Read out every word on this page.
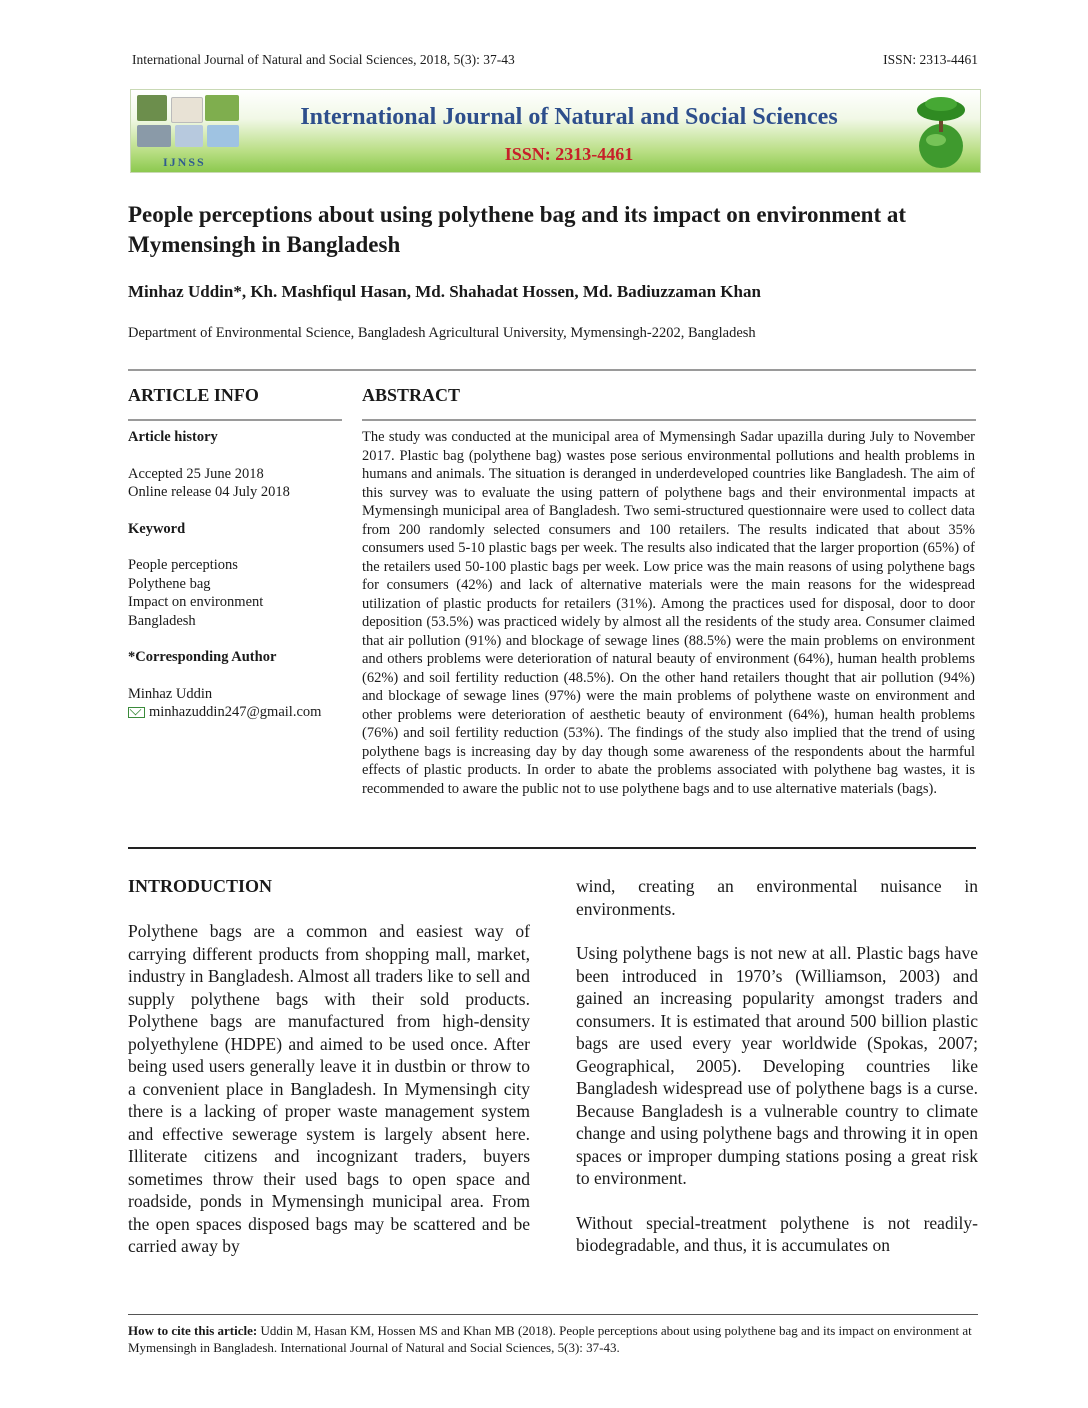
International Journal of Natural and Social Sciences, 2018, 5(3): 37-43	ISSN: 2313-4461
IJNSS
International Journal of Natural and Social Sciences
ISSN: 2313-4461
People perceptions about using polythene bag and its impact on environment at Mymensingh in Bangladesh
Minhaz Uddin*, Kh. Mashfiqul Hasan, Md. Shahadat Hossen, Md. Badiuzzaman Khan
Department of Environmental Science, Bangladesh Agricultural University, Mymensingh-2202, Bangladesh
ARTICLE INFO	ABSTRACT
Article history
Accepted 25 June 2018
Online release 04 July 2018
Keyword
People perceptions
Polythene bag
Impact on environment
Bangladesh
*Corresponding Author
Minhaz Uddin
minhazuddin247@gmail.com
The study was conducted at the municipal area of Mymensingh Sadar upazilla during July to November 2017. Plastic bag (polythene bag) wastes pose serious environmental pollutions and health problems in humans and animals. The situation is deranged in underdeveloped countries like Bangladesh. The aim of this survey was to evaluate the using pattern of polythene bags and their environmental impacts at Mymensingh municipal area of Bangladesh. Two semi-structured questionnaire were used to collect data from 200 randomly selected consumers and 100 retailers. The results indicated that about 35% consumers used 5-10 plastic bags per week. The results also indicated that the larger proportion (65%) of the retailers used 50-100 plastic bags per week. Low price was the main reasons of using polythene bags for consumers (42%) and lack of alternative materials were the main reasons for the widespread utilization of plastic products for retailers (31%). Among the practices used for disposal, door to door deposition (53.5%) was practiced widely by almost all the residents of the study area. Consumer claimed that air pollution (91%) and blockage of sewage lines (88.5%) were the main problems on environment and others problems were deterioration of natural beauty of environment (64%), human health problems (62%) and soil fertility reduction (48.5%). On the other hand retailers thought that air pollution (94%) and blockage of sewage lines (97%) were the main problems of polythene waste on environment and other problems were deterioration of aesthetic beauty of environment (64%), human health problems (76%) and soil fertility reduction (53%). The findings of the study also implied that the trend of using polythene bags is increasing day by day though some awareness of the respondents about the harmful effects of plastic products. In order to abate the problems associated with polythene bag wastes, it is recommended to aware the public not to use polythene bags and to use alternative materials (bags).
INTRODUCTION

Polythene bags are a common and easiest way of carrying different products from shopping mall, market, industry in Bangladesh. Almost all traders like to sell and supply polythene bags with their sold products. Polythene bags are manufactured from high-density polyethylene (HDPE) and aimed to be used once. After being used users generally leave it in dustbin or throw to a convenient place in Bangladesh. In Mymensingh city there is a lacking of proper waste management system and effective sewerage system is largely absent here. Illiterate citizens and incognizant traders, buyers sometimes throw their used bags to open space and roadside, ponds in Mymensingh municipal area. From the open spaces disposed bags may be scattered and be carried away by

wind, creating an environmental nuisance in environments.

Using polythene bags is not new at all. Plastic bags have been introduced in 1970’s (Williamson, 2003) and gained an increasing popularity amongst traders and consumers. It is estimated that around 500 billion plastic bags are used every year worldwide (Spokas, 2007; Geographical, 2005). Developing countries like Bangladesh widespread use of polythene bags is a curse. Because Bangladesh is a vulnerable country to climate change and using polythene bags and throwing it in open spaces or improper dumping stations posing a great risk to environment.

Without special-treatment polythene is not readily-biodegradable, and thus, it is accumulates on

How to cite this article: Uddin M, Hasan KM, Hossen MS and Khan MB (2018). People perceptions about using polythene bag and its impact on environment at Mymensingh in Bangladesh. International Journal of Natural and Social Sciences, 5(3): 37-43.
